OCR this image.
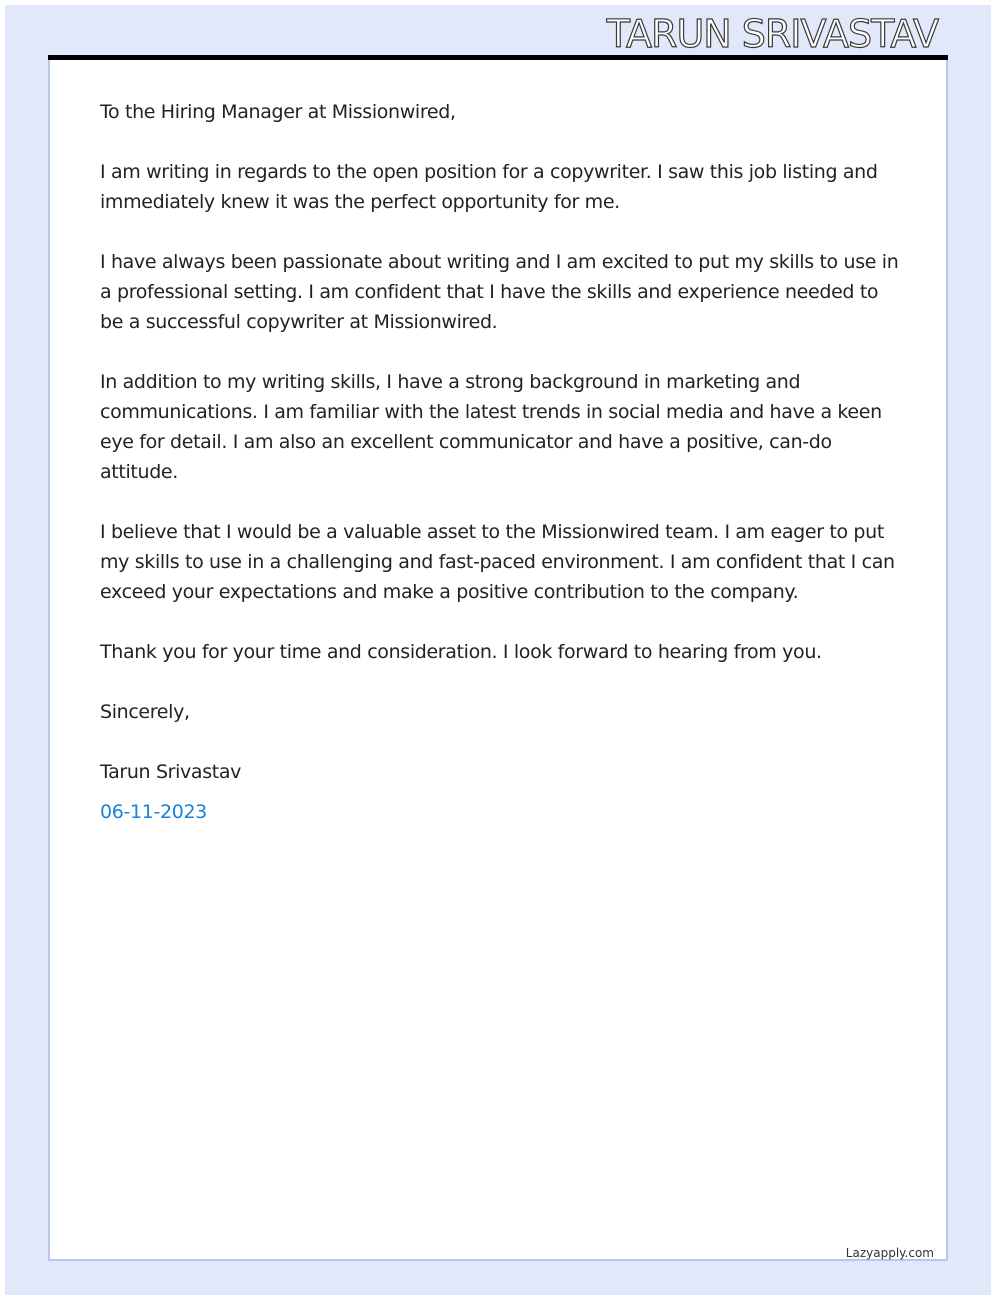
TARUN SRIVASTAV

To the Hiring Manager at Missionwired,

I am writing in regards to the open position for a copywriter. I saw this job listing and immediately knew it was the perfect opportunity for me.

I have always been passionate about writing and I am excited to put my skills to use in a professional setting. I am confident that I have the skills and experience needed to be a successful copywriter at Missionwired.

In addition to my writing skills, I have a strong background in marketing and communications. I am familiar with the latest trends in social media and have a keen eye for detail. I am also an excellent communicator and have a positive, can-do attitude.

I believe that I would be a valuable asset to the Missionwired team. I am eager to put my skills to use in a challenging and fast-paced environment. I am confident that I can exceed your expectations and make a positive contribution to the company.

Thank you for your time and consideration. I look forward to hearing from you.

Sincerely,

Tarun Srivastav

06-11-2023
Lazyapply.com
